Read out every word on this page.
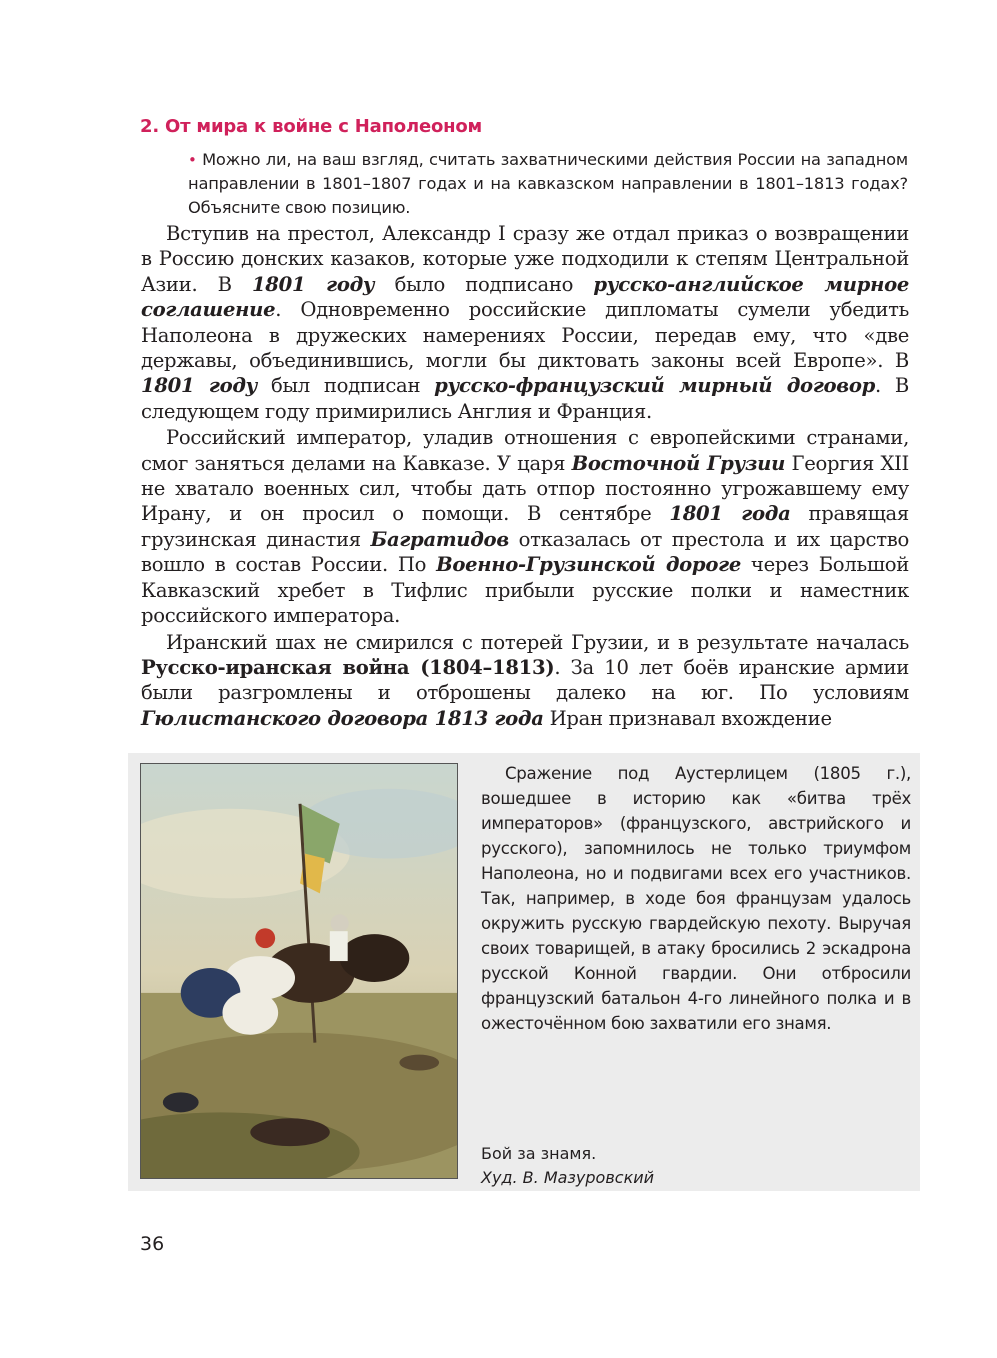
2. От мира к войне с Наполеоном

• Можно ли, на ваш взгляд, считать захватническими действия России на западном направлении в 1801–1807 годах и на кавказском направлении в 1801–1813 годах? Объясните свою позицию.

Вступив на престол, Александр I сразу же отдал приказ о возвращении в Россию донских казаков, которые уже подходили к степям Центральной Азии. В 1801 году было подписано русско-английское мирное соглашение. Одновременно российские дипломаты сумели убедить Наполеона в дружеских намерениях России, передав ему, что «две державы, объединившись, могли бы диктовать законы всей Европе». В 1801 году был подписан русско-французский мирный договор. В следующем году примирились Англия и Франция.

Российский император, уладив отношения с европейскими странами, смог заняться делами на Кавказе. У царя Восточной Грузии Георгия XII не хватало военных сил, чтобы дать отпор постоянно угрожавшему ему Ирану, и он просил о помощи. В сентябре 1801 года правящая грузинская династия Багратидов отказалась от престола и их царство вошло в состав России. По Военно-Грузинской дороге через Большой Кавказский хребет в Тифлис прибыли русские полки и наместник российского императора.

Иранский шах не смирился с потерей Грузии, и в результате началась Русско-иранская война (1804–1813). За 10 лет боёв иранские армии были разгромлены и отброшены далеко на юг. По условиям Гюлистанского договора 1813 года Иран признавал вхождение

Сражение под Аустерлицем (1805 г.), вошедшее в историю как «битва трёх императоров» (французского, австрийского и русского), запомнилось не только триумфом Наполеона, но и подвигами всех его участников. Так, например, в ходе боя французам удалось окружить русскую гвардейскую пехоту. Выручая своих товарищей, в атаку бросились 2 эскадрона русской Конной гвардии. Они отбросили французский батальон 4-го линейного полка и в ожесточённом бою захватили его знамя.

Бой за знамя.

Худ. В. Мазуровский

36
